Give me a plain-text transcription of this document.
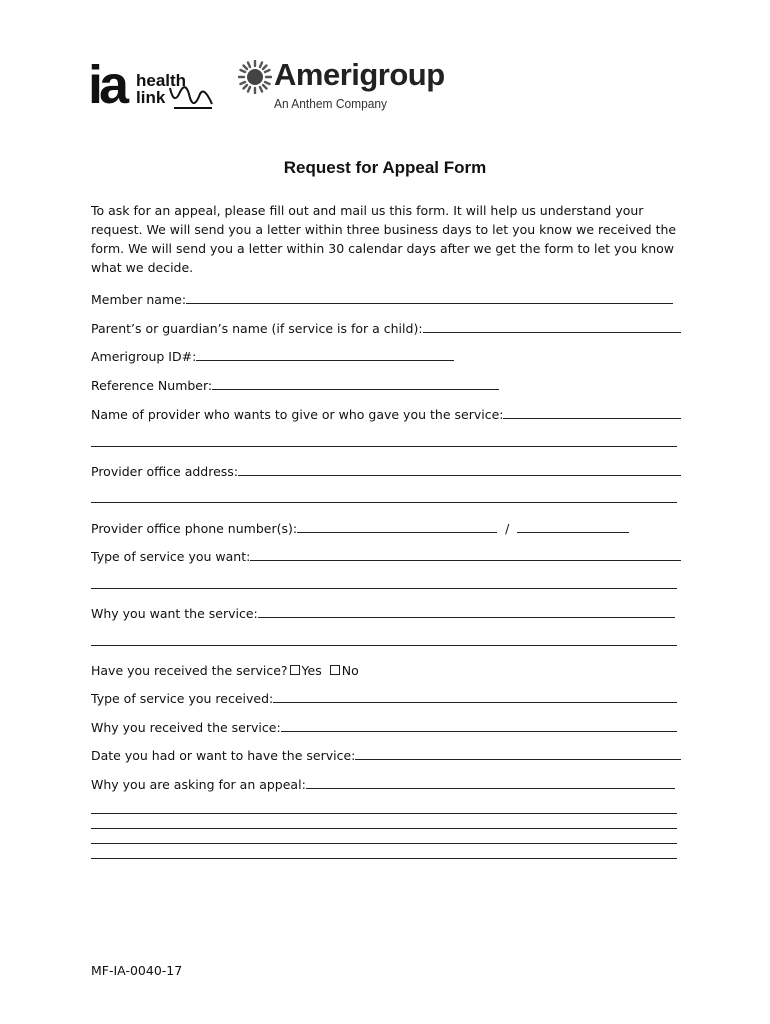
ia health
link
Amerigroup
An Anthem Company
Request for Appeal Form
To ask for an appeal, please fill out and mail us this form. It will help us understand your
request. We will send you a letter within three business days to let you know we received the
form. We will send you a letter within 30 calendar days after we get the form to let you know
what we decide.
Member name:
Parent’s or guardian’s name (if service is for a child):
Amerigroup ID#:
Reference Number:
Name of provider who wants to give or who gave you the service:
Provider office address:
Provider office phone number(s):	/
Type of service you want:
Why you want the service:
Have you received the service? Yes No
Type of service you received:
Why you received the service:
Date you had or want to have the service:
Why you are asking for an appeal:
MF-IA-0040-17
